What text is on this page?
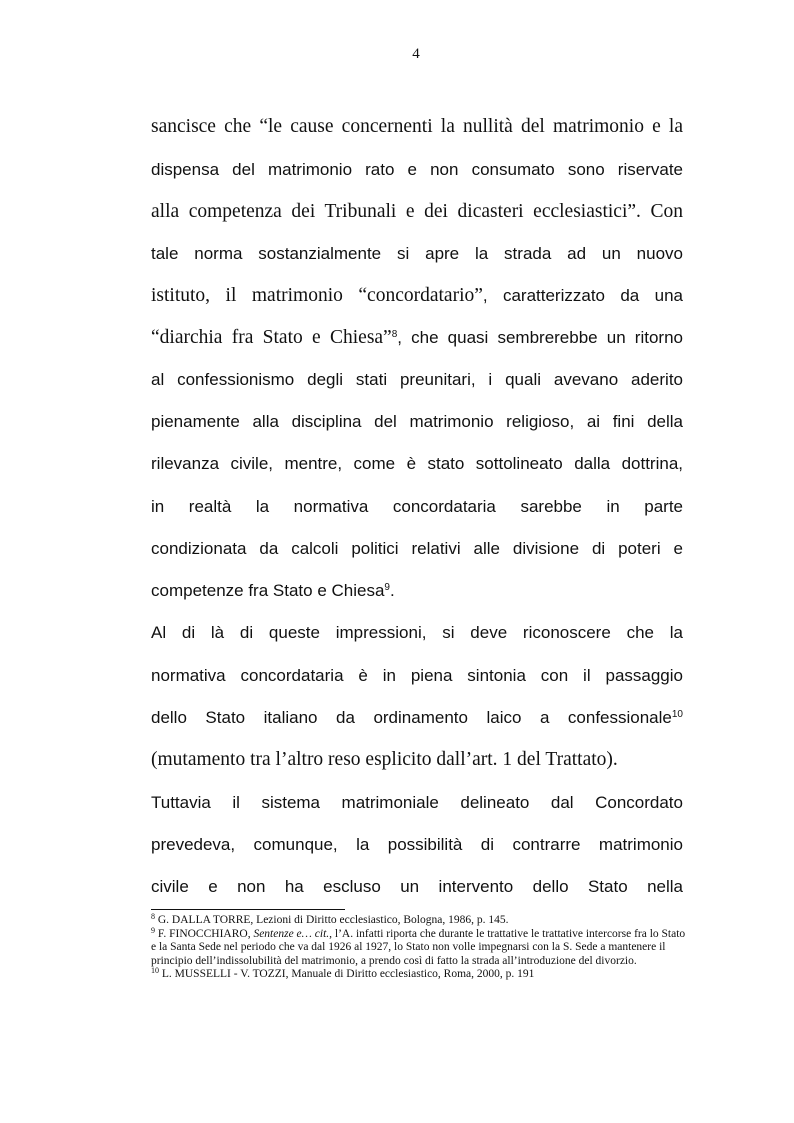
4
sancisce che “le cause concernenti la nullità del matrimonio e la
dispensa del matrimonio rato e non consumato sono riservate
alla competenza dei Tribunali e dei dicasteri ecclesiastici”. Con
tale norma sostanzialmente si apre la strada ad un nuovo
istituto, il matrimonio “concordatario”, caratterizzato da una
“diarchia fra Stato e Chiesa”$^8$, che quasi sembrerebbe un ritorno
al confessionismo degli stati preunitari, i quali avevano aderito
pienamente alla disciplina del matrimonio religioso, ai fini della
rilevanza civile, mentre, come è stato sottolineato dalla dottrina,
in realtà la normativa concordataria sarebbe in parte
condizionata da calcoli politici relativi alle divisione di poteri e
competenze fra Stato e Chiesa$^9$.
Al di là di queste impressioni, si deve riconoscere che la
normativa concordataria è in piena sintonia con il passaggio
dello Stato italiano da ordinamento laico a confessionale$^{10}$
(mutamento tra l’altro reso esplicito dall’art. 1 del Trattato).
Tuttavia il sistema matrimoniale delineato dal Concordato
prevedeva, comunque, la possibilità di contrarre matrimonio
civile e non ha escluso un intervento dello Stato nella

$^8$ G. DALLA TORRE, Lezioni di Diritto ecclesiastico, Bologna, 1986, p. 145.

$^9$ F. FINOCCHIARO, Sentenze e… cit., l’A. infatti riporta che durante le trattative le trattative intercorse fra lo Stato e la Santa Sede nel periodo che va dal 1926 al 1927, lo Stato non volle impegnarsi con la S. Sede a mantenere il principio dell’indissolubilità del matrimonio, a prendo così di fatto la strada all’introduzione del divorzio.

$^{10}$ L. MUSSELLI - V. TOZZI, Manuale di Diritto ecclesiastico, Roma, 2000, p. 191
